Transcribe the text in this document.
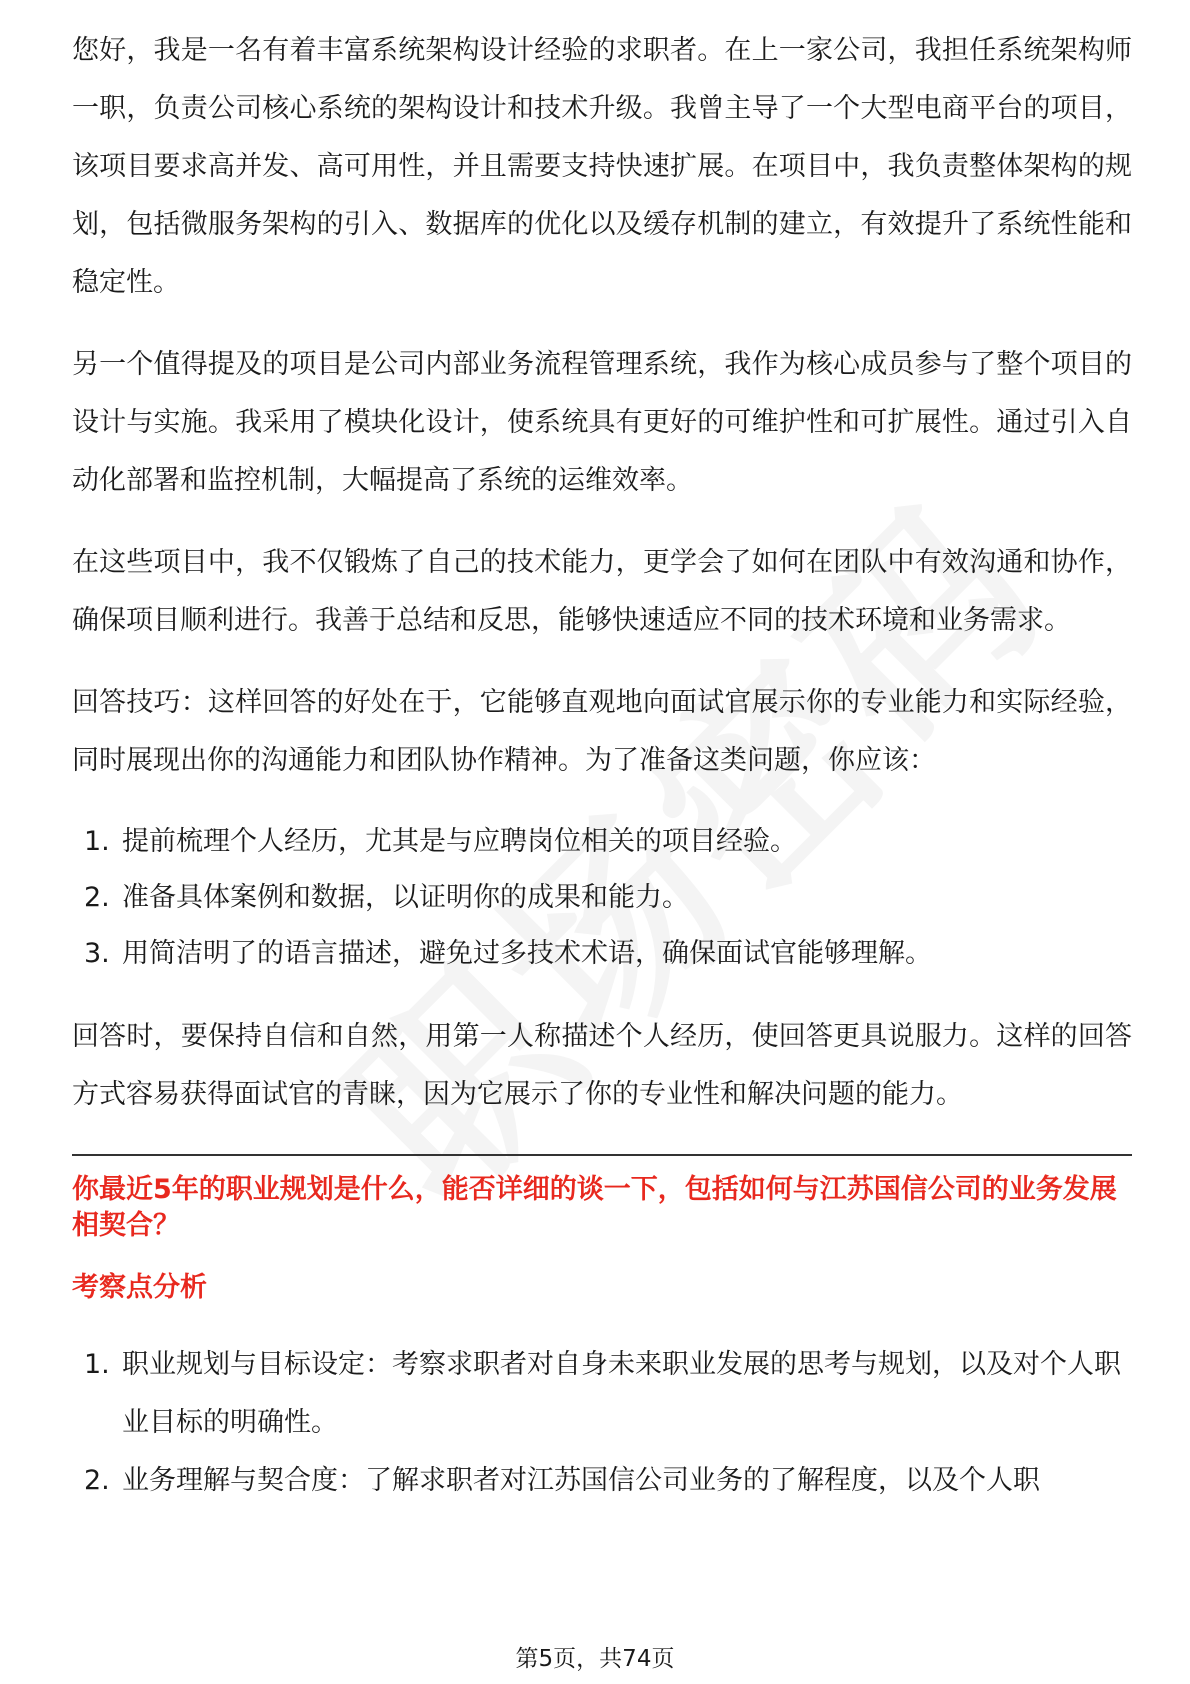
您好，我是一名有着丰富系统架构设计经验的求职者。在上一家公司，我担任系统架构师一职，负责公司核心系统的架构设计和技术升级。我曾主导了一个大型电商平台的项目，该项目要求高并发、高可用性，并且需要支持快速扩展。在项目中，我负责整体架构的规划，包括微服务架构的引入、数据库的优化以及缓存机制的建立，有效提升了系统性能和稳定性。

另一个值得提及的项目是公司内部业务流程管理系统，我作为核心成员参与了整个项目的设计与实施。我采用了模块化设计，使系统具有更好的可维护性和可扩展性。通过引入自动化部署和监控机制，大幅提高了系统的运维效率。

在这些项目中，我不仅锻炼了自己的技术能力，更学会了如何在团队中有效沟通和协作，确保项目顺利进行。我善于总结和反思，能够快速适应不同的技术环境和业务需求。

回答技巧：这样回答的好处在于，它能够直观地向面试官展示你的专业能力和实际经验，同时展现出你的沟通能力和团队协作精神。为了准备这类问题，你应该：

1. 提前梳理个人经历，尤其是与应聘岗位相关的项目经验。
2. 准备具体案例和数据，以证明你的成果和能力。
3. 用简洁明了的语言描述，避免过多技术术语，确保面试官能够理解。

回答时，要保持自信和自然，用第一人称描述个人经历，使回答更具说服力。这样的回答方式容易获得面试官的青睐，因为它展示了你的专业性和解决问题的能力。

你最近5年的职业规划是什么，能否详细的谈一下，包括如何与江苏国信公司的业务发展相契合？
考察点分析
1. 职业规划与目标设定：考察求职者对自身未来职业发展的思考与规划，以及对个人职业目标的明确性。
2. 业务理解与契合度：了解求职者对江苏国信公司业务的了解程度，以及个人职
第5页，共74页
